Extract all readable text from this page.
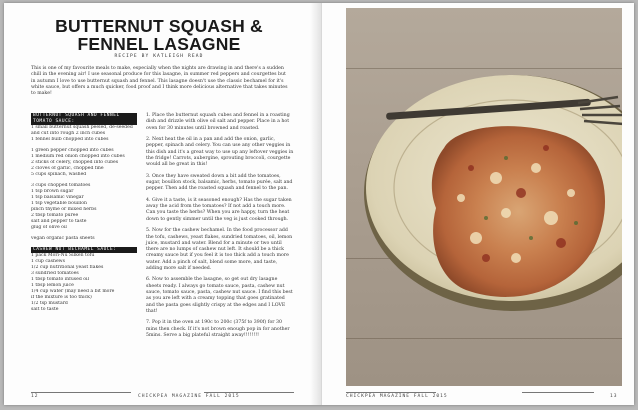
BUTTERNUT SQUASH &
FENNEL LASAGNE
RECIPE BY KATLEIGH READ
This is one of my favourite meals to make, especially when the nights are drawing in and there's a sudden chill in the evening air! I use seasonal produce for this lasagne, in summer red peppers and courgettes but in autumn I love to use butternut squash and fennel. This lasagne doesn't use the classic bechamel for it's white sauce, but offers a much quicker, food proof and I think more delicious alternative that takes minutes to make!
BUTTERNUT SQUASH AND FENNEL TOMATO SAUCE:
1 small butternut squash peeled, de-seeded
and cut into rough 2 inch cubes
1 fennel bulb chopped into cubes
1 green pepper chopped into cubes
1 medium red onion chopped into cubes
2 sticks of celery, chopped into cubes
2 cloves of garlic, chopped fine
5 cups spinach, washed
3 cups chopped tomatoes
1 tsp brown sugar
1 tsp balsamic vinegar
1 tsp vegetable bouillon
pinch thyme or mixed herbs
2 tbsp tomato purée
salt and pepper to taste
glug of olive oil
vegan organic pasta sheets
CASHEW NUT BECHAMEL SAUCE:
1 pack Mori-Nu Silken tofu
1 cup cashews
1/2 cup nutritional yeast flakes
3 sundried tomatoes
1 tbsp tomato infused oil
1 tbsp lemon juice
1/4 cup water (may need a bit more
if the mixture is too thick)
1/2 tsp mustard
salt to taste

1. Place the butternut squash cubes and fennel in a roasting dish and drizzle with olive oil salt and pepper. Place in a hot oven for 30 minutes until browned and roasted.

2. Next heat the oil in a pan and add the onion, garlic, pepper, spinach and celery. You can use any other veggies in this dish and it's a great way to use up any leftover veggies in the fridge! Carrots, aubergine, sprouting broccoli, courgette would all be great in this!

3. Once they have sweated down a bit add the tomatoes, sugar, bouillon stock, balsamic, herbs, tomato purée, salt and pepper. Then add the roasted squash and fennel to the pan.

4. Give it a taste, is it seasoned enough? Has the sugar taken away the acid from the tomatoes? If not add a touch more. Can you taste the herbs? When you are happy, turn the heat down to gently simmer until the veg is just cooked through.

5. Now for the cashew bechamel. In the food processor add the tofu, cashews, yeast flakes, sundried tomatoes, oil, lemon juice, mustard and water. Blend for a minute or two until there are no lumps of cashew nut left. It should be a thick creamy sauce but if you feel it is too thick add a touch more water. Add a pinch of salt, blend some more, and taste, adding more salt if needed.

6. Now to assemble the lasagne, so get out dry lasagne sheets ready. I always go tomato sauce, pasta, cashew nut sauce, tomato sauce, pasta, cashew nut sauce. I find this best as you are left with a creamy topping that goes gratinated and the pasta goes slightly crispy at the edges and I LOVE that!

7. Pop it in the oven at 190c to 200c (375f to 390f) for 30 mins then check. If it's not brown enough pop in for another 5mins. Serve a big plateful straight away!!!!!!!!

12	CHICKPEA MAGAZINE FALL 2015	CHICKPEA MAGAZINE FALL 2015	13
